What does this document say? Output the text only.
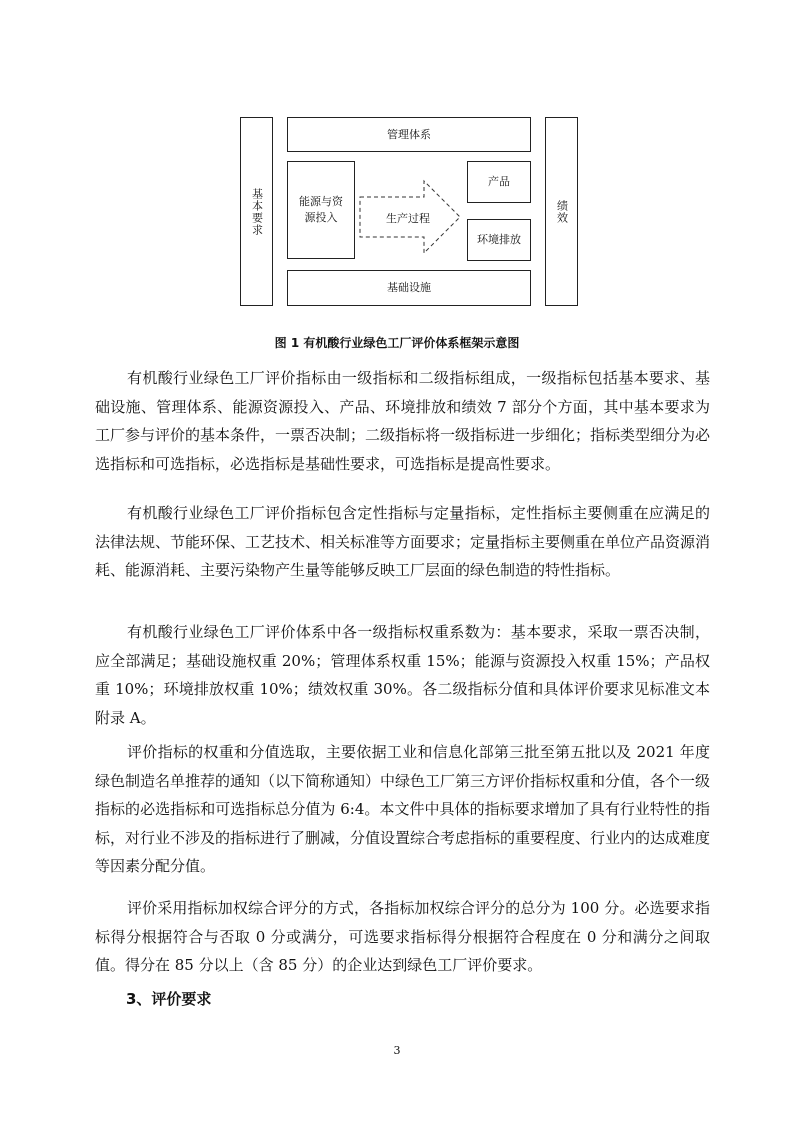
基本要求
管理体系
能源与资源投入	生产过程
产品
环境排放
绩效
基础设施
图 1 有机酸行业绿色工厂评价体系框架示意图

有机酸行业绿色工厂评价指标由一级指标和二级指标组成，一级指标包括基本要求、基础设施、管理体系、能源资源投入、产品、环境排放和绩效 7 部分个方面，其中基本要求为工厂参与评价的基本条件，一票否决制；二级指标将一级指标进一步细化；指标类型细分为必选指标和可选指标，必选指标是基础性要求，可选指标是提高性要求。

有机酸行业绿色工厂评价指标包含定性指标与定量指标，定性指标主要侧重在应满足的法律法规、节能环保、工艺技术、相关标准等方面要求；定量指标主要侧重在单位产品资源消耗、能源消耗、主要污染物产生量等能够反映工厂层面的绿色制造的特性指标。

有机酸行业绿色工厂评价体系中各一级指标权重系数为：基本要求，采取一票否决制，应全部满足；基础设施权重 20%；管理体系权重 15%；能源与资源投入权重 15%；产品权重 10%；环境排放权重 10%；绩效权重 30%。各二级指标分值和具体评价要求见标准文本附录 A。

评价指标的权重和分值选取，主要依据工业和信息化部第三批至第五批以及 2021 年度绿色制造名单推荐的通知（以下简称通知）中绿色工厂第三方评价指标权重和分值，各个一级指标的必选指标和可选指标总分值为 6:4。本文件中具体的指标要求增加了具有行业特性的指标，对行业不涉及的指标进行了删减，分值设置综合考虑指标的重要程度、行业内的达成难度等因素分配分值。

评价采用指标加权综合评分的方式，各指标加权综合评分的总分为 100 分。必选要求指标得分根据符合与否取 0 分或满分，可选要求指标得分根据符合程度在 0 分和满分之间取值。得分在 85 分以上（含 85 分）的企业达到绿色工厂评价要求。

3、评价要求
3
